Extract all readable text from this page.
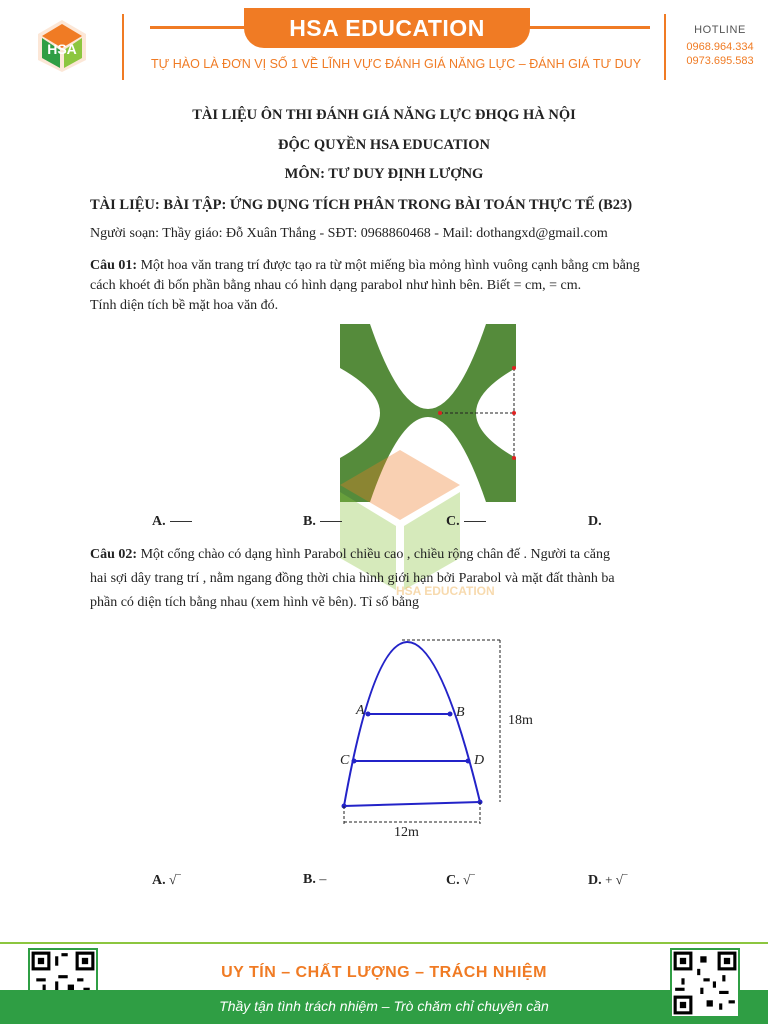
HSA
HSA EDUCATION
TỰ HÀO LÀ ĐƠN VỊ SỐ 1 VỀ LĨNH VỰC ĐÁNH GIÁ NĂNG LỰC – ĐÁNH GIÁ TƯ DUY
HOTLINE
0968.964.334
0973.695.583
TÀI LIỆU ÔN THI ĐÁNH GIÁ NĂNG LỰC ĐHQG HÀ NỘI
ĐỘC QUYỀN HSA EDUCATION
MÔN: TƯ DUY ĐỊNH LƯỢNG
TÀI LIỆU: BÀI TẬP: ỨNG DỤNG TÍCH PHÂN TRONG BÀI TOÁN THỰC TẾ (B23)
Người soạn: Thầy giáo: Đỗ Xuân Thắng - SĐT: 0968860468 - Mail: dothangxd@gmail.com
Câu 01: Một hoa văn trang trí được tạo ra từ một miếng bìa mỏng hình vuông cạnh bằng cm bằng
cách khoét đi bốn phần bằng nhau có hình dạng parabol như hình bên. Biết = cm, = cm.
Tính diện tích bề mặt hoa văn đó.
HSA EDUCATION
A.	B.	C.	D.
Câu 02: Một cổng chào có dạng hình Parabol chiều cao , chiều rộng chân đế . Người ta căng
hai sợi dây trang trí , nằm ngang đồng thời chia hình giới hạn bởi Parabol và mặt đất thành ba
phần có diện tích bằng nhau (xem hình vẽ bên). Tỉ số bằng
A	B
C	D
18m
12m
A. √‾	B. –	C. √‾	D. + √‾
UY TÍN – CHẤT LƯỢNG – TRÁCH NHIỆM
Thầy tận tình trách nhiệm – Trò chăm chỉ chuyên cần
